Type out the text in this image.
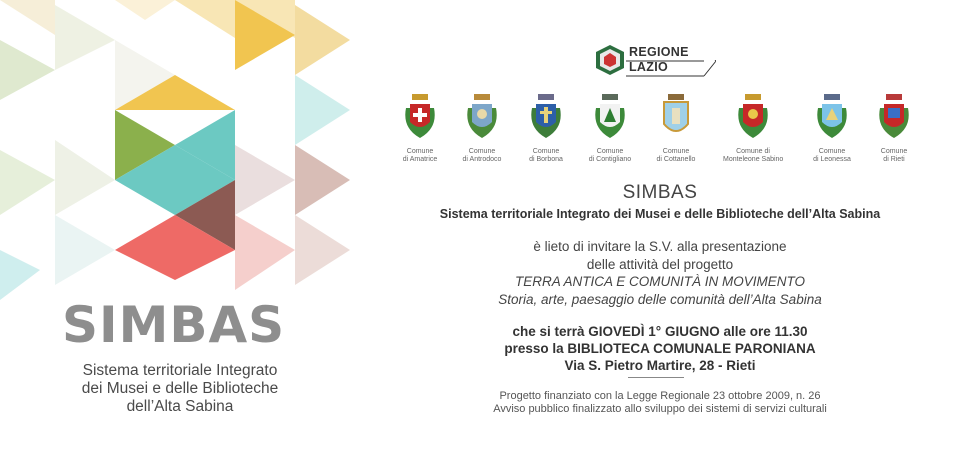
SIMBAS
Sistema territoriale Integrato
dei Musei e delle Biblioteche
dell’Alta Sabina
REGIONE
LAZIO
Comune
di Amatrice
Comune
di Antrodoco
Comune
di Borbona
Comune
di Contigliano
Comune
di Cottanello
Comune di
Monteleone Sabino
Comune
di Leonessa
Comune
di Rieti
SIMBAS
Sistema territoriale Integrato dei Musei e delle Biblioteche dell’Alta Sabina
è lieto di invitare la S.V. alla presentazione
delle attività del progetto
TERRA ANTICA E COMUNITÀ IN MOVIMENTO
Storia, arte, paesaggio delle comunità dell’Alta Sabina
che si terrà GIOVEDÌ 1° GIUGNO alle ore 11.30
presso la BIBLIOTECA COMUNALE PARONIANA
Via S. Pietro Martire, 28 - Rieti
Progetto finanziato con la Legge Regionale 23 ottobre 2009, n. 26
Avviso pubblico finalizzato allo sviluppo dei sistemi di servizi culturali
